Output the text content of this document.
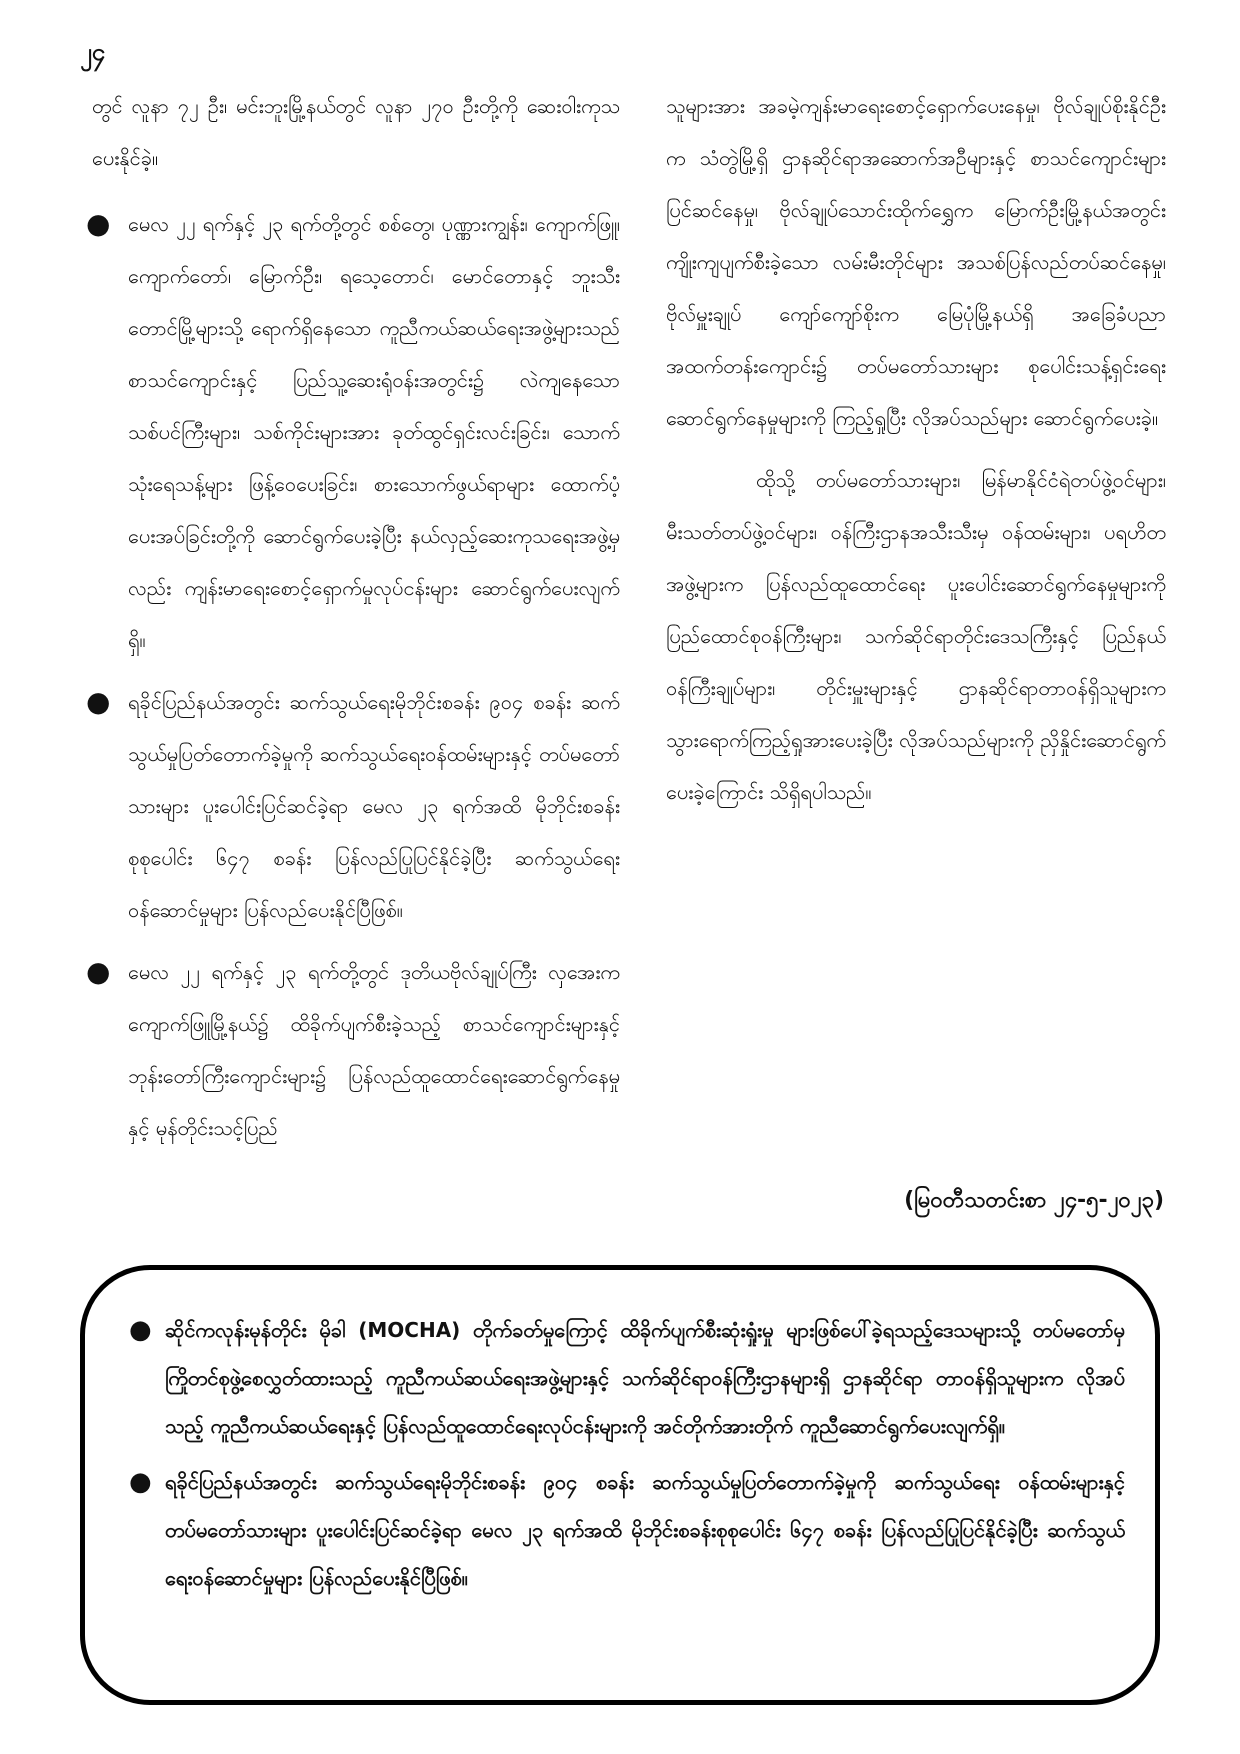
၂၄

တွင် လူနာ ၇၂ ဦး၊ မင်းဘူးမြို့နယ်တွင် လူနာ ၂၇၀ ဦးတို့ကို ဆေးဝါးကုသ ပေးနိုင်ခဲ့။

● မေလ ၂၂ ရက်နှင့် ၂၃ ရက်တို့တွင် စစ်တွေ၊ ပုဏ္ဏားကျွန်း၊ ကျောက်ဖြူ၊ ကျောက်တော်၊ မြောက်ဦး၊ ရသေ့တောင်၊ မောင်တောနှင့် ဘူးသီးတောင်မြို့များသို့ ရောက်ရှိနေသော ကူညီကယ်ဆယ်ရေးအဖွဲ့များသည် စာသင်ကျောင်းနှင့် ပြည်သူ့ဆေးရုံဝန်းအတွင်း၌ လဲကျနေသော သစ်ပင်ကြီးများ၊ သစ်ကိုင်းများအား ခုတ်ထွင်ရှင်းလင်းခြင်း၊ သောက်သုံးရေသန့်များ ဖြန့်ဝေပေးခြင်း၊ စားသောက်ဖွယ်ရာများ ထောက်ပံ့ပေးအပ်ခြင်းတို့ကို ဆောင်ရွက်ပေးခဲ့ပြီး နယ်လှည့်ဆေးကုသရေးအဖွဲ့မှလည်း ကျန်းမာရေးစောင့်ရှောက်မှုလုပ်ငန်းများ ဆောင်ရွက်ပေးလျက်ရှိ။
● ရခိုင်ပြည်နယ်အတွင်း ဆက်သွယ်ရေးမိုဘိုင်းစခန်း ၉၀၄ စခန်း ဆက်သွယ်မှုပြတ်တောက်ခဲ့မှုကို ဆက်သွယ်ရေးဝန်ထမ်းများနှင့် တပ်မတော်သားများ ပူးပေါင်းပြင်ဆင်ခဲ့ရာ မေလ ၂၃ ရက်အထိ မိုဘိုင်းစခန်းစုစုပေါင်း ၆၄၇ စခန်း ပြန်လည်ပြုပြင်နိုင်ခဲ့ပြီး ဆက်သွယ်ရေးဝန်ဆောင်မှုများ ပြန်လည်ပေးနိုင်ပြီဖြစ်။
● မေလ ၂၂ ရက်နှင့် ၂၃ ရက်တို့တွင် ဒုတိယဗိုလ်ချုပ်ကြီး လှအေးက ကျောက်ဖြူမြို့နယ်၌ ထိခိုက်ပျက်စီးခဲ့သည့် စာသင်ကျောင်းများနှင့် ဘုန်းတော်ကြီးကျောင်းများ၌ ပြန်လည်ထူထောင်ရေးဆောင်ရွက်နေမှုနှင့် မုန်တိုင်းသင့်ပြည်

သူများအား အခမဲ့ကျန်းမာရေးစောင့်ရှောက်ပေးနေမှု၊ ဗိုလ်ချုပ်စိုးနိုင်ဦးက သံတွဲမြို့ရှိ ဌာနဆိုင်ရာအဆောက်အဦများနှင့် စာသင်ကျောင်းများ ပြင်ဆင်နေမှု၊ ဗိုလ်ချုပ်သောင်းထိုက်ရွှေက မြောက်ဦးမြို့နယ်အတွင်း ကျိုးကျပျက်စီးခဲ့သော လမ်းမီးတိုင်များ အသစ်ပြန်လည်တပ်ဆင်နေမှု၊ ဗိုလ်မှူးချုပ် ကျော်ကျော်စိုးက မြေပုံမြို့နယ်ရှိ အခြေခံပညာ အထက်တန်းကျောင်း၌ တပ်မတော်သားများ စုပေါင်းသန့်ရှင်းရေးဆောင်ရွက်နေမှုများကို ကြည့်ရှုပြီး လိုအပ်သည်များ ဆောင်ရွက်ပေးခဲ့။

ထိုသို့ တပ်မတော်သားများ၊ မြန်မာနိုင်ငံရဲတပ်ဖွဲ့ဝင်များ၊ မီးသတ်တပ်ဖွဲ့ဝင်များ၊ ဝန်ကြီးဌာနအသီးသီးမှ ဝန်ထမ်းများ၊ ပရဟိတအဖွဲ့များက ပြန်လည်ထူထောင်ရေး ပူးပေါင်းဆောင်ရွက်နေမှုများကို ပြည်ထောင်စုဝန်ကြီးများ၊ သက်ဆိုင်ရာတိုင်းဒေသကြီးနှင့် ပြည်နယ်ဝန်ကြီးချုပ်များ၊ တိုင်းမှူးများနှင့် ဌာနဆိုင်ရာတာဝန်ရှိသူများက သွားရောက်ကြည့်ရှုအားပေးခဲ့ပြီး လိုအပ်သည်များကို ညှိနှိုင်းဆောင်ရွက်ပေးခဲ့ကြောင်း သိရှိရပါသည်။

(မြဝတီသတင်းစာ ၂၄-၅-၂၀၂၃)
● ဆိုင်ကလုန်းမုန်တိုင်း မိုခါ (MOCHA) တိုက်ခတ်မှုကြောင့် ထိခိုက်ပျက်စီးဆုံးရှုံးမှု များဖြစ်ပေါ်ခဲ့ရသည့်ဒေသများသို့ တပ်မတော်မှ ကြိုတင်စုဖွဲ့စေလွှတ်ထားသည့် ကူညီကယ်ဆယ်ရေးအဖွဲ့များနှင့် သက်ဆိုင်ရာဝန်ကြီးဌာနများရှိ ဌာနဆိုင်ရာ တာဝန်ရှိသူများက လိုအပ်သည့် ကူညီကယ်ဆယ်ရေးနှင့် ပြန်လည်ထူထောင်ရေးလုပ်ငန်းများကို အင်တိုက်အားတိုက် ကူညီဆောင်ရွက်ပေးလျက်ရှိ။
● ရခိုင်ပြည်နယ်အတွင်း ဆက်သွယ်ရေးမိုဘိုင်းစခန်း ၉၀၄ စခန်း ဆက်သွယ်မှုပြတ်တောက်ခဲ့မှုကို ဆက်သွယ်ရေး ဝန်ထမ်းများနှင့် တပ်မတော်သားများ ပူးပေါင်းပြင်ဆင်ခဲ့ရာ မေလ ၂၃ ရက်အထိ မိုဘိုင်းစခန်းစုစုပေါင်း ၆၄၇ စခန်း ပြန်လည်ပြုပြင်နိုင်ခဲ့ပြီး ဆက်သွယ်ရေးဝန်ဆောင်မှုများ ပြန်လည်ပေးနိုင်ပြီဖြစ်။
